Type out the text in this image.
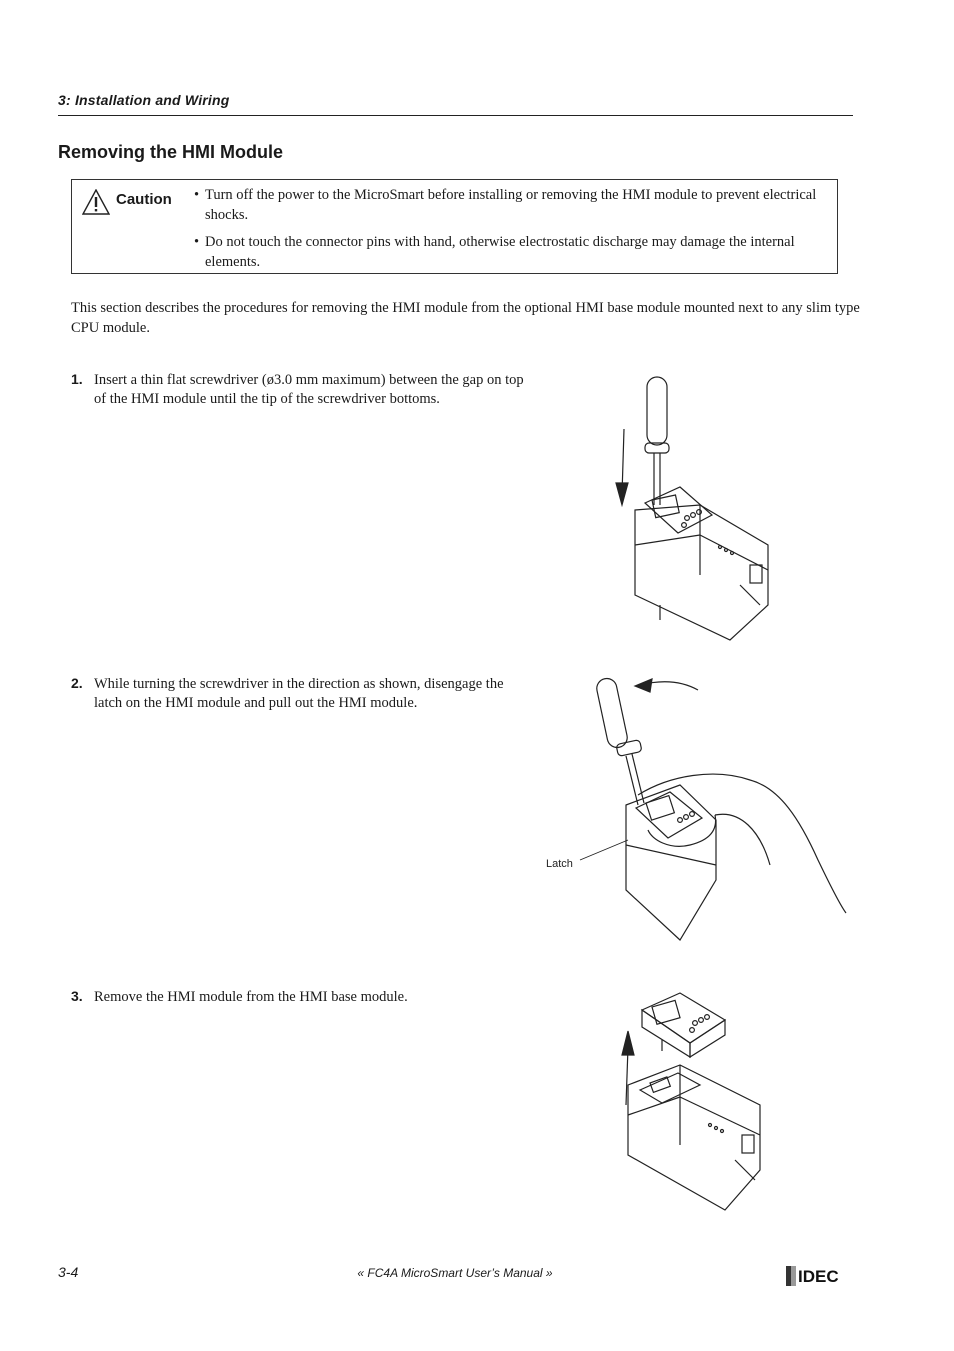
3: Installation and Wiring
Removing the HMI Module
Caution • Turn off the power to the MicroSmart before installing or removing the HMI module to prevent electrical shocks.
• Do not touch the connector pins with hand, otherwise electrostatic discharge may damage the internal elements.
This section describes the procedures for removing the HMI module from the optional HMI base module mounted next to any slim type CPU module.
1. Insert a thin flat screwdriver (ø3.0 mm maximum) between the gap on top of the HMI module until the tip of the screwdriver bottoms.
2. While turning the screwdriver in the direction as shown, disengage the latch on the HMI module and pull out the HMI module.
3. Remove the HMI module from the HMI base module.
Latch
3-4	« FC4A MicroSmart User’s Manual »	IDEC
